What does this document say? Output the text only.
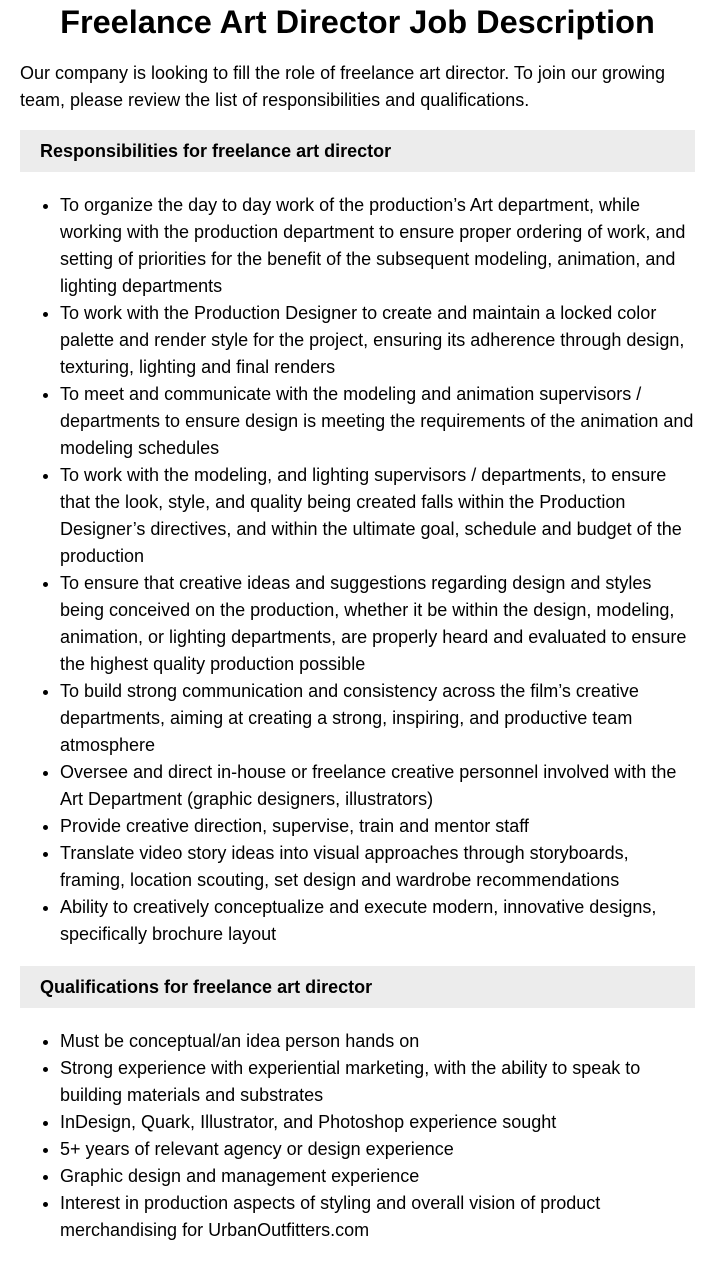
Freelance Art Director Job Description

Our company is looking to fill the role of freelance art director. To join our growing team, please review the list of responsibilities and qualifications.

Responsibilities for freelance art director
• To organize the day to day work of the production’s Art department, while working with the production department to ensure proper ordering of work, and setting of priorities for the benefit of the subsequent modeling, animation, and lighting departments
• To work with the Production Designer to create and maintain a locked color palette and render style for the project, ensuring its adherence through design, texturing, lighting and final renders
• To meet and communicate with the modeling and animation supervisors / departments to ensure design is meeting the requirements of the animation and modeling schedules
• To work with the modeling, and lighting supervisors / departments, to ensure that the look, style, and quality being created falls within the Production Designer’s directives, and within the ultimate goal, schedule and budget of the production
• To ensure that creative ideas and suggestions regarding design and styles being conceived on the production, whether it be within the design, modeling, animation, or lighting departments, are properly heard and evaluated to ensure the highest quality production possible
• To build strong communication and consistency across the film’s creative departments, aiming at creating a strong, inspiring, and productive team atmosphere
• Oversee and direct in-house or freelance creative personnel involved with the Art Department (graphic designers, illustrators)
• Provide creative direction, supervise, train and mentor staff
• Translate video story ideas into visual approaches through storyboards, framing, location scouting, set design and wardrobe recommendations
• Ability to creatively conceptualize and execute modern, innovative designs, specifically brochure layout
Qualifications for freelance art director
• Must be conceptual/an idea person hands on
• Strong experience with experiential marketing, with the ability to speak to building materials and substrates
• InDesign, Quark, Illustrator, and Photoshop experience sought
• 5+ years of relevant agency or design experience
• Graphic design and management experience
• Interest in production aspects of styling and overall vision of product merchandising for UrbanOutfitters.com
